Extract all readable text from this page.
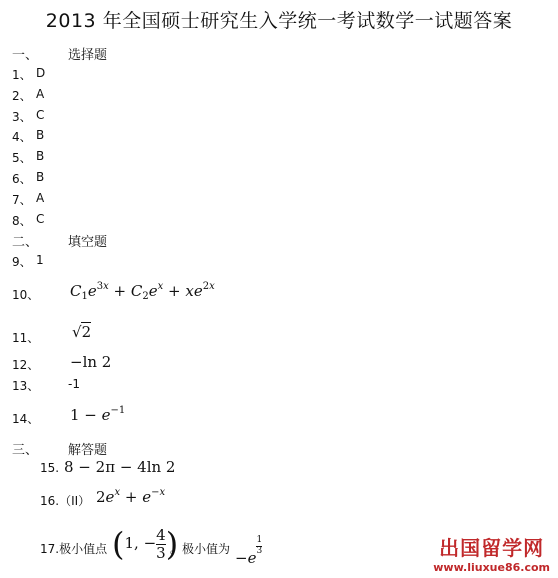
2013 年全国硕士研究生入学统一考试数学一试题答案
一、 选择题
1、 D
2、 A
3、 C
4、 B
5、 B
6、 B
7、 A
8、 C
二、 填空题
9、 1
10、 $C_1e^{3x} + C_2e^x + xe^{2x}$
11、 √2
12、 −ln 2
13、 -1
14、 $1 - e^{-1}$
三、 解答题
15. 8 − 2π − 4ln 2
16.（II） $2e^x + e^{-x}$
17.极小值点 (1, − $\frac{4}{3}$ )
。极小值为 −e
$\frac{1}{3}$	出国留学网
www.liuxue86.com
